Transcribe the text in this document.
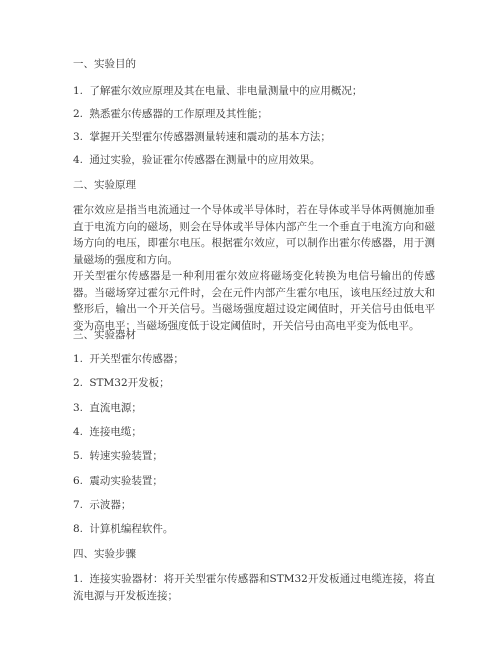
一、实验目的
1. 了解霍尔效应原理及其在电量、非电量测量中的应用概况；
2. 熟悉霍尔传感器的工作原理及其性能；
3. 掌握开关型霍尔传感器测量转速和震动的基本方法；
4. 通过实验，验证霍尔传感器在测量中的应用效果。
二、实验原理

霍尔效应是指当电流通过一个导体或半导体时，若在导体或半导体两侧施加垂直于电流方向的磁场，则会在导体或半导体内部产生一个垂直于电流方向和磁场方向的电压，即霍尔电压。根据霍尔效应，可以制作出霍尔传感器，用于测量磁场的强度和方向。

开关型霍尔传感器是一种利用霍尔效应将磁场变化转换为电信号输出的传感器。当磁场穿过霍尔元件时，会在元件内部产生霍尔电压，该电压经过放大和整形后，输出一个开关信号。当磁场强度超过设定阈值时，开关信号由低电平变为高电平；当磁场强度低于设定阈值时，开关信号由高电平变为低电平。

三、实验器材
1. 开关型霍尔传感器；
2. STM32开发板；
3. 直流电源；
4. 连接电缆；
5. 转速实验装置；
6. 震动实验装置；
7. 示波器；
8. 计算机编程软件。
四、实验步骤

1. 连接实验器材：将开关型霍尔传感器和STM32开发板通过电缆连接，将直流电源与开发板连接；
